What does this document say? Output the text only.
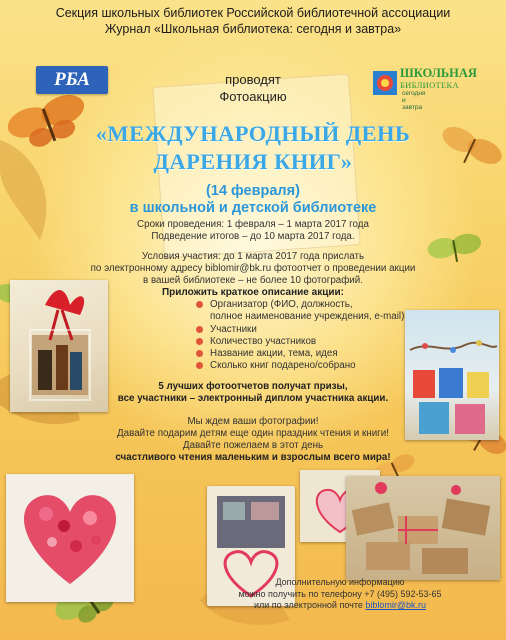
Секция школьных библиотек Российской библиотечной ассоциации
Журнал «Школьная библиотека: сегодня и завтра»
РБА	ШКОЛЬНАЯ
БИБЛИОТЕКА
сегодня
и
завтра
проводят
Фотоакцию
«МЕЖДУНАРОДНЫЙ ДЕНЬ
ДАРЕНИЯ КНИГ»
(14 февраля)
в школьной и детской библиотеке
Сроки проведения: 1 февраля – 1 марта 2017 года
Подведение итогов – до 10 марта 2017 года.
Условия участия: до 1 марта 2017 года прислать
по электронному адресу biblomir@bk.ru фотоотчет о проведении акции
в вашей библиотеке – не более 10 фотографий.
Приложить краткое описание акции:
Организатор (ФИО, должность,
полное наименование учреждения, e-mail)
Участники
Количество участников
Название акции, тема, идея
Сколько книг подарено/собрано
5 лучших фотоотчетов получат призы,
все участники – электронный диплом участника акции.
Мы ждем ваши фотографии!
Давайте подарим детям еще один праздник чтения и книги!
Давайте пожелаем в этот день
счастливого чтения маленьким и взрослым всего мира!
Дополнительную информацию
можно получить по телефону +7 (495) 592-53-65
или по электронной почте biblomir@bk.ru
